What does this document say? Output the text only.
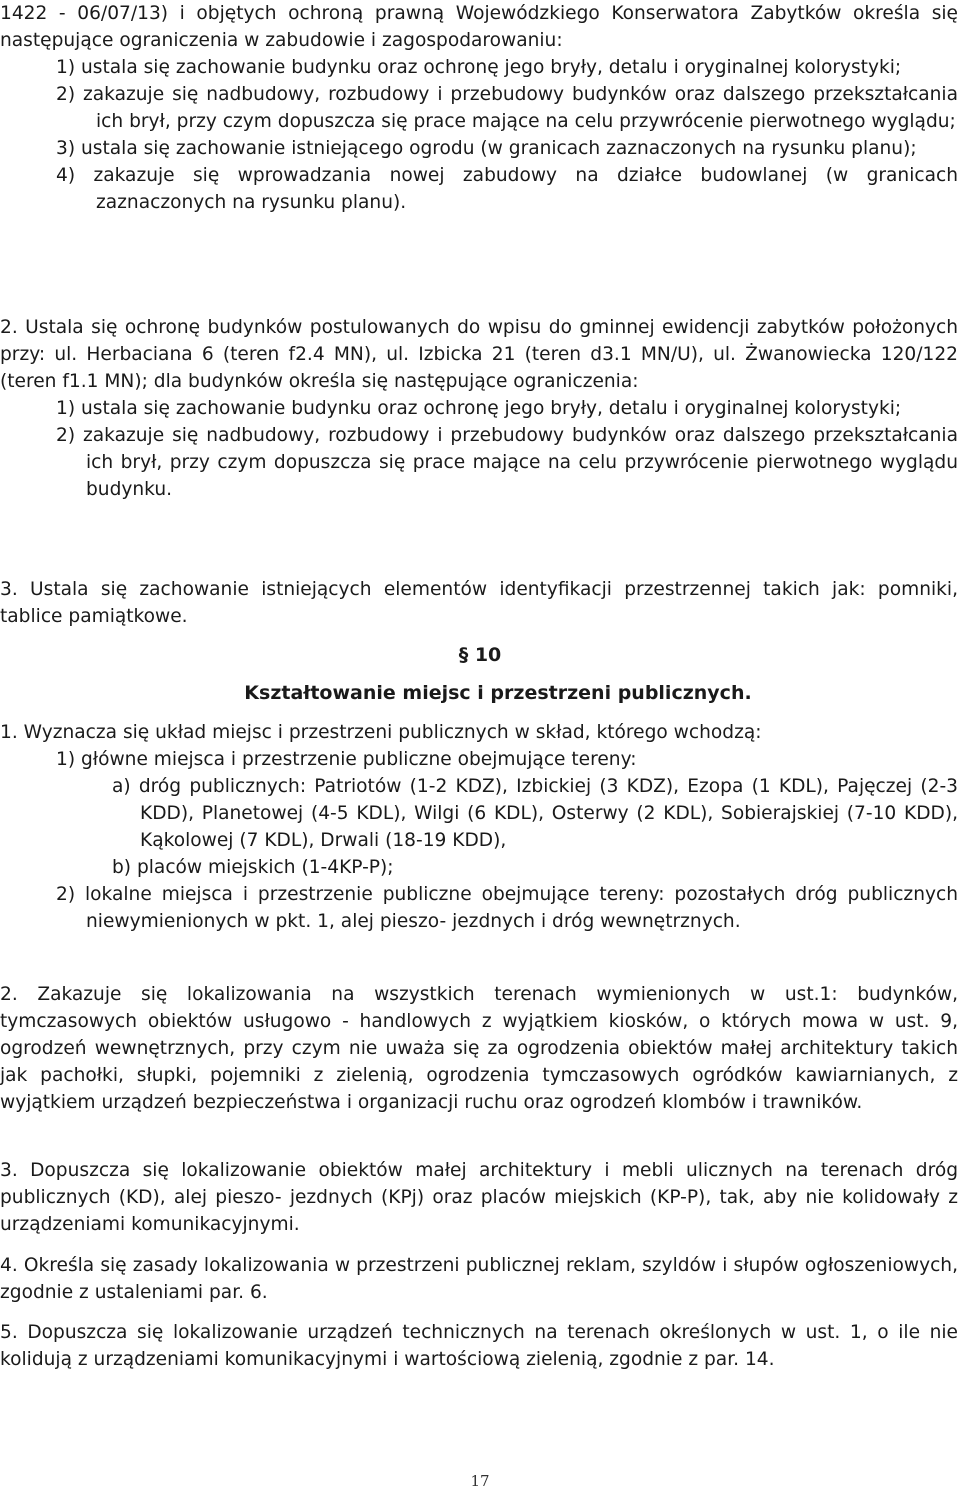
1422 - 06/07/13) i objętych ochroną prawną Wojewódzkiego Konserwatora Zabytków określa się następujące ograniczenia w zabudowie i zagospodarowaniu:

1) ustala się zachowanie budynku oraz ochronę jego bryły, detalu i oryginalnej kolorystyki;

2) zakazuje się nadbudowy, rozbudowy i przebudowy budynków oraz dalszego przekształcania ich brył, przy czym dopuszcza się prace mające na celu przywrócenie pierwotnego wyglądu;

3) ustala się zachowanie istniejącego ogrodu (w granicach zaznaczonych na rysunku planu);

4) zakazuje się wprowadzania nowej zabudowy na działce budowlanej (w granicach zaznaczonych na rysunku planu).

2. Ustala się ochronę budynków postulowanych do wpisu do gminnej ewidencji zabytków położonych przy: ul. Herbaciana 6 (teren f2.4 MN), ul. Izbicka 21 (teren d3.1 MN/U), ul. Żwanowiecka 120/122 (teren f1.1 MN); dla budynków określa się następujące ograniczenia:

1) ustala się zachowanie budynku oraz ochronę jego bryły, detalu i oryginalnej kolorystyki;

2) zakazuje się nadbudowy, rozbudowy i przebudowy budynków oraz dalszego przekształcania ich brył, przy czym dopuszcza się prace mające na celu przywrócenie pierwotnego wyglądu budynku.

3. Ustala się zachowanie istniejących elementów identyfikacji przestrzennej takich jak: pomniki, tablice pamiątkowe.

§ 10
Kształtowanie miejsc i przestrzeni publicznych.

1. Wyznacza się układ miejsc i przestrzeni publicznych w skład, którego wchodzą:

1) główne miejsca i przestrzenie publiczne obejmujące tereny:

a) dróg publicznych: Patriotów (1-2 KDZ), Izbickiej (3 KDZ), Ezopa (1 KDL), Pajęczej (2-3 KDD), Planetowej (4-5 KDL), Wilgi (6 KDL), Osterwy (2 KDL), Sobierajskiej (7-10 KDD), Kąkolowej (7 KDL), Drwali (18-19 KDD),

b) placów miejskich (1-4KP-P);

2) lokalne miejsca i przestrzenie publiczne obejmujące tereny: pozostałych dróg publicznych niewymienionych w pkt. 1, alej pieszo- jezdnych i dróg wewnętrznych.

2. Zakazuje się lokalizowania na wszystkich terenach wymienionych w ust.1: budynków, tymczasowych obiektów usługowo - handlowych z wyjątkiem kiosków, o których mowa w ust. 9, ogrodzeń wewnętrznych, przy czym nie uważa się za ogrodzenia obiektów małej architektury takich jak pachołki, słupki, pojemniki z zielenią, ogrodzenia tymczasowych ogródków kawiarnianych, z wyjątkiem urządzeń bezpieczeństwa i organizacji ruchu oraz ogrodzeń klombów i trawników.

3. Dopuszcza się lokalizowanie obiektów małej architektury i mebli ulicznych na terenach dróg publicznych (KD), alej pieszo- jezdnych (KPj) oraz placów miejskich (KP-P), tak, aby nie kolidowały z urządzeniami komunikacyjnymi.

4. Określa się zasady lokalizowania w przestrzeni publicznej reklam, szyldów i słupów ogłoszeniowych, zgodnie z ustaleniami par. 6.

5. Dopuszcza się lokalizowanie urządzeń technicznych na terenach określonych w ust. 1, o ile nie kolidują z urządzeniami komunikacyjnymi i wartościową zielenią, zgodnie z par. 14.

17
